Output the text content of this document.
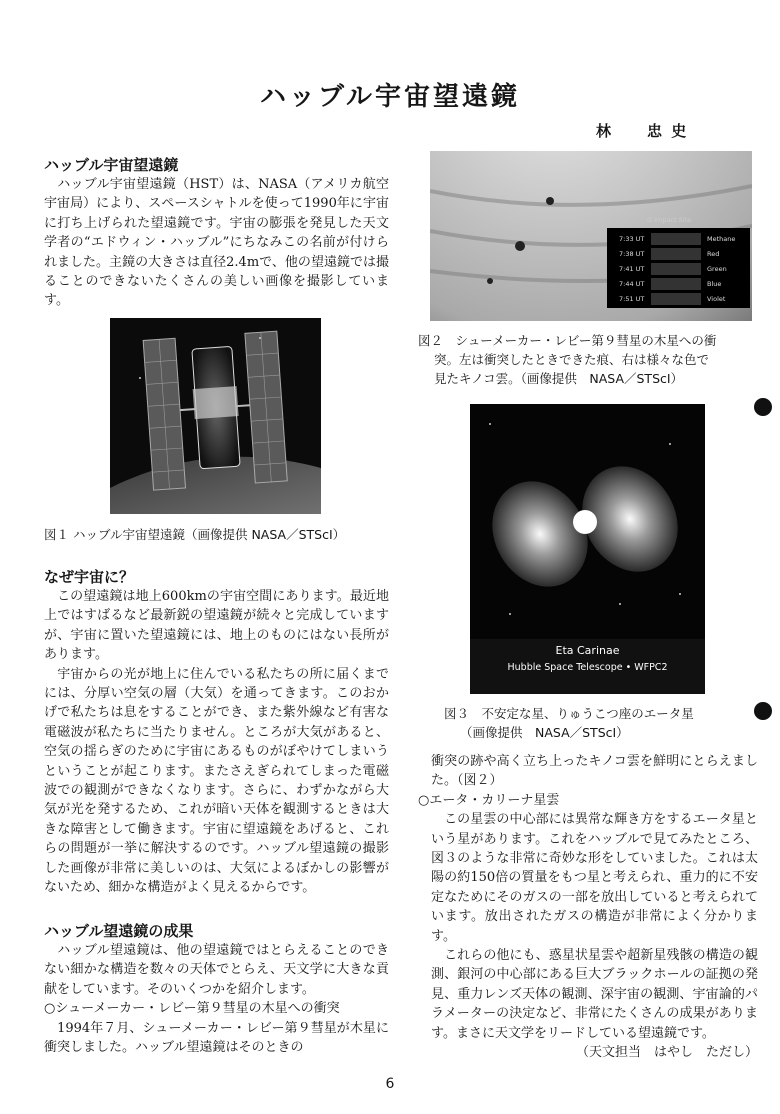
ハッブル宇宙望遠鏡
林　　忠 史

ハッブル宇宙望遠鏡

　ハッブル宇宙望遠鏡（HST）は、NASA（アメリカ航空宇宙局）により、スペースシャトルを使って1990年に宇宙に打ち上げられた望遠鏡です。宇宙の膨張を発見した天文学者の“エドウィン・ハッブル”にちなみこの名前が付けられました。主鏡の大きさは直径2.4mで、他の望遠鏡では撮ることのできないたくさんの美しい画像を撮影しています。

図１ ハッブル宇宙望遠鏡（画像提供 NASA／STScI）

なぜ宇宙に？

　この望遠鏡は地上600kmの宇宙空間にあります。最近地上ではすばるなど最新鋭の望遠鏡が続々と完成していますが、宇宙に置いた望遠鏡には、地上のものにはない長所があります。

　宇宙からの光が地上に住んでいる私たちの所に届くまでには、分厚い空気の層（大気）を通ってきます。このおかげで私たちは息をすることができ、また紫外線など有害な電磁波が私たちに当たりません。ところが大気があると、空気の揺らぎのために宇宙にあるものがぼやけてしまいうということが起こります。またさえぎられてしまった電磁波での観測ができなくなります。さらに、わずかながら大気が光を発するため、これが暗い天体を観測するときは大きな障害として働きます。宇宙に望遠鏡をあげると、これらの問題が一挙に解決するのです。ハッブル望遠鏡の撮影した画像が非常に美しいのは、大気によるぼかしの影響がないため、細かな構造がよく見えるからです。

ハッブル望遠鏡の成果

　ハッブル望遠鏡は、他の望遠鏡ではとらえることのできない細かな構造を数々の天体でとらえ、天文学に大きな貢献をしています。そのいくつかを紹介します。

○シューメーカー・レビー第９彗星の木星への衝突

　1994年７月、シューメーカー・レビー第９彗星が木星に衝突しました。ハッブル望遠鏡はそのときの

G Impact Site
7:33 UT	Methane
7:38 UT	Red
7:41 UT	Green
7:44 UT	Blue
7:51 UT	Violet
図２　シューメーカー・レビー第９彗星の木星への衝
突。左は衝突したときできた痕、右は様々な色で
見たキノコ雲。（画像提供　NASA／STScI）
Eta Carinae
Hubble Space Telescope • WFPC2
図３　不安定な星、りゅうこつ座のエータ星
（画像提供　NASA／STScI）

衝突の跡や高く立ち上ったキノコ雲を鮮明にとらえました。（図２）

○エータ・カリーナ星雲

　この星雲の中心部には異常な輝き方をするエータ星という星があります。これをハッブルで見てみたところ、図３のような非常に奇妙な形をしていました。これは太陽の約150倍の質量をもつ星と考えられ、重力的に不安定なためにそのガスの一部を放出していると考えられています。放出されたガスの構造が非常によく分かります。

　これらの他にも、惑星状星雲や超新星残骸の構造の観測、銀河の中心部にある巨大ブラックホールの証拠の発見、重力レンズ天体の観測、深宇宙の観測、宇宙論的パラメーターの決定など、非常にたくさんの成果があります。まさに天文学をリードしている望遠鏡です。

（天文担当　はやし　ただし）

6
